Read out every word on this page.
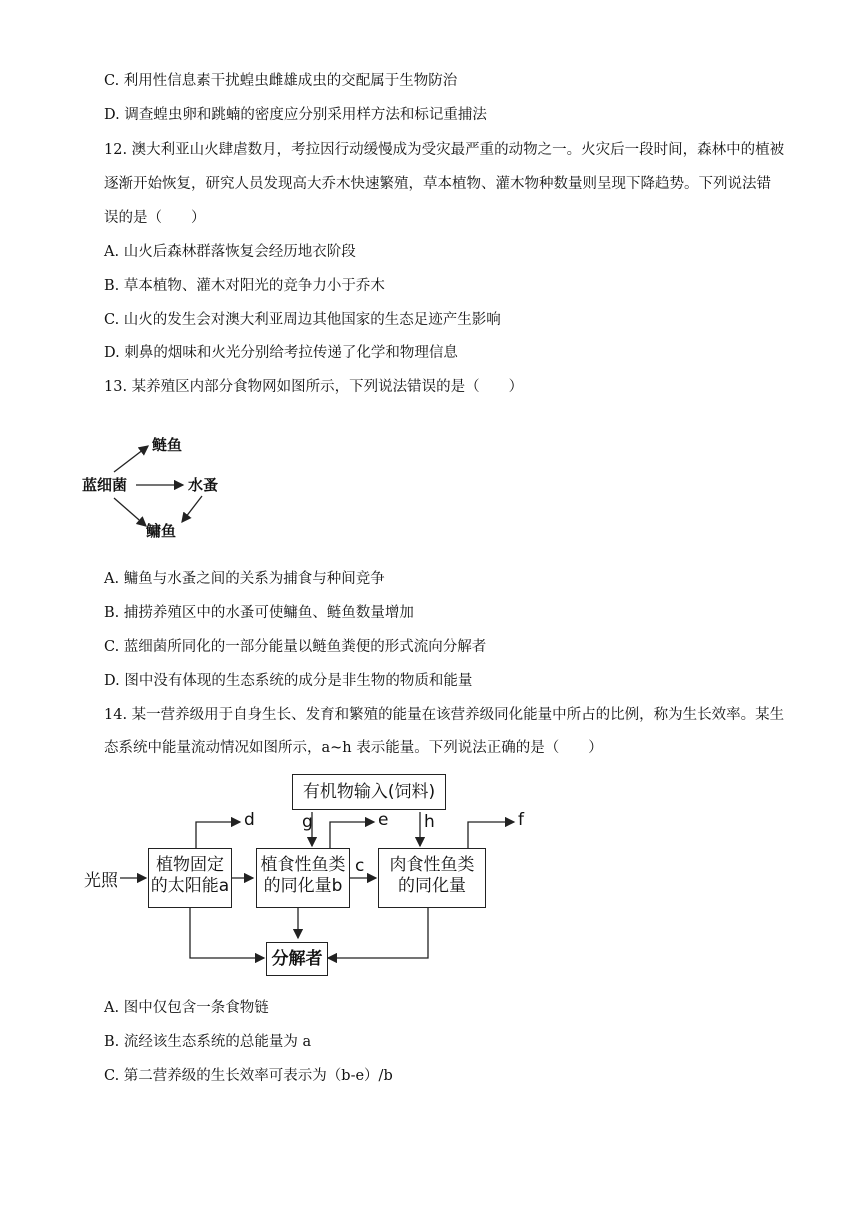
C. 利用性信息素干扰蝗虫雌雄成虫的交配属于生物防治
D. 调查蝗虫卵和跳蝻的密度应分别采用样方法和标记重捕法
12. 澳大利亚山火肆虐数月，考拉因行动缓慢成为受灾最严重的动物之一。火灾后一段时间，森林中的植被
逐渐开始恢复，研究人员发现高大乔木快速繁殖，草本植物、灌木物种数量则呈现下降趋势。下列说法错
误的是（　　）
A. 山火后森林群落恢复会经历地衣阶段
B. 草本植物、灌木对阳光的竞争力小于乔木
C. 山火的发生会对澳大利亚周边其他国家的生态足迹产生影响
D. 刺鼻的烟味和火光分别给考拉传递了化学和物理信息
13. 某养殖区内部分食物网如图所示，下列说法错误的是（　　）
鲢鱼
蓝细菌	水蚤
鳙鱼
A. 鳙鱼与水蚤之间的关系为捕食与种间竞争
B. 捕捞养殖区中的水蚤可使鳙鱼、鲢鱼数量增加
C. 蓝细菌所同化的一部分能量以鲢鱼粪便的形式流向分解者
D. 图中没有体现的生态系统的成分是非生物的物质和能量
14. 某一营养级用于自身生长、发育和繁殖的能量在该营养级同化能量中所占的比例，称为生长效率。某生
态系统中能量流动情况如图所示，a~h 表示能量。下列说法正确的是（　　）
有机物输入(饲料)
光照
植物固定
的太阳能a
植食性鱼类
的同化量b
肉食性鱼类
的同化量
分解者
d	g	e h	f
c
A. 图中仅包含一条食物链
B. 流经该生态系统的总能量为 a
C. 第二营养级的生长效率可表示为（b-e）/b
